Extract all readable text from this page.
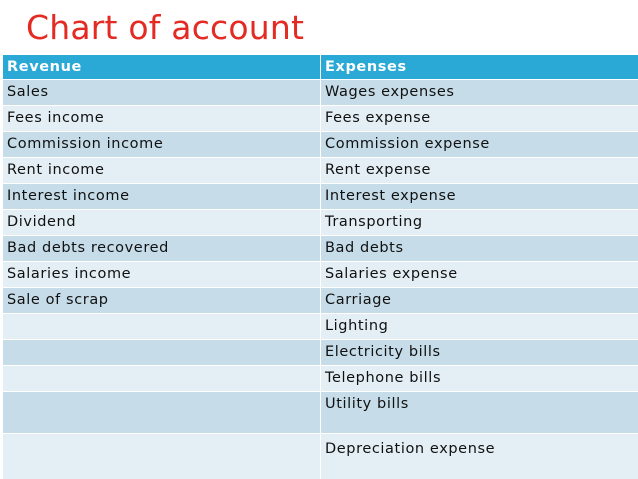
Chart of account
Revenue	Expenses
Sales	Wages expenses
Fees income	Fees expense
Commission income	Commission expense
Rent income	Rent expense
Interest income	Interest expense
Dividend	Transporting
Bad debts recovered	Bad debts
Salaries income	Salaries expense
Sale of scrap	Carriage
	Lighting
	Electricity bills
	Telephone bills
	Utility bills
	Depreciation expense
